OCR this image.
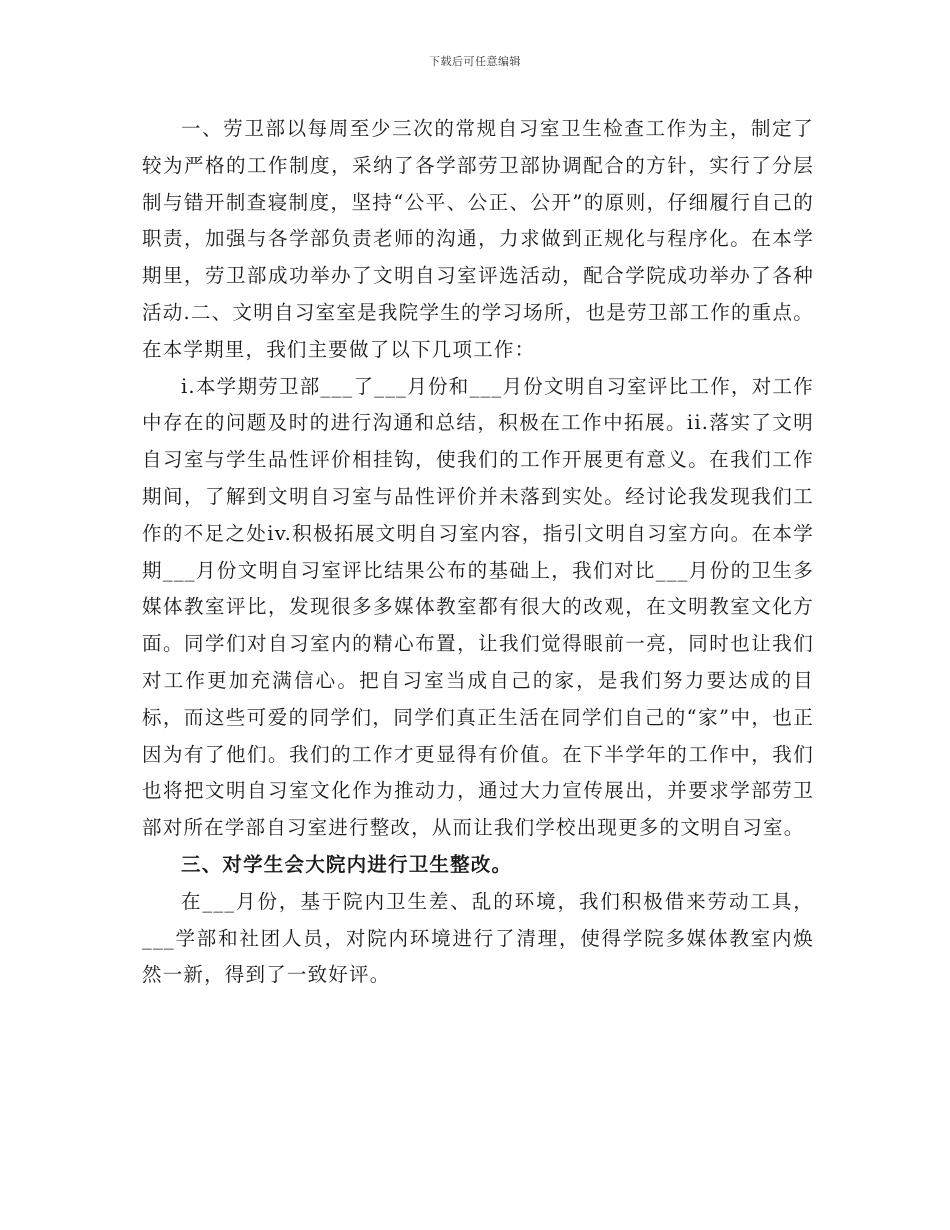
下载后可任意编辑

一、劳卫部以每周至少三次的常规自习室卫生检查工作为主，制定了较为严格的工作制度，采纳了各学部劳卫部协调配合的方针，实行了分层制与错开制查寝制度，坚持“公平、公正、公开”的原则，仔细履行自己的职责，加强与各学部负责老师的沟通，力求做到正规化与程序化。在本学期里，劳卫部成功举办了文明自习室评选活动，配合学院成功举办了各种活动.二、文明自习室室是我院学生的学习场所，也是劳卫部工作的重点。在本学期里，我们主要做了以下几项工作：

i.本学期劳卫部___了___月份和___月份文明自习室评比工作，对工作中存在的问题及时的进行沟通和总结，积极在工作中拓展。ii.落实了文明自习室与学生品性评价相挂钩，使我们的工作开展更有意义。在我们工作期间，了解到文明自习室与品性评价并未落到实处。经讨论我发现我们工作的不足之处iv.积极拓展文明自习室内容，指引文明自习室方向。在本学期___月份文明自习室评比结果公布的基础上，我们对比___月份的卫生多媒体教室评比，发现很多多媒体教室都有很大的改观，在文明教室文化方面。同学们对自习室内的精心布置，让我们觉得眼前一亮，同时也让我们对工作更加充满信心。把自习室当成自己的家，是我们努力要达成的目标，而这些可爱的同学们，同学们真正生活在同学们自己的“家”中，也正因为有了他们。我们的工作才更显得有价值。在下半学年的工作中，我们也将把文明自习室文化作为推动力，通过大力宣传展出，并要求学部劳卫部对所在学部自习室进行整改，从而让我们学校出现更多的文明自习室。

三、对学生会大院内进行卫生整改。

在___月份，基于院内卫生差、乱的环境，我们积极借来劳动工具，___学部和社团人员，对院内环境进行了清理，使得学院多媒体教室内焕然一新，得到了一致好评。
